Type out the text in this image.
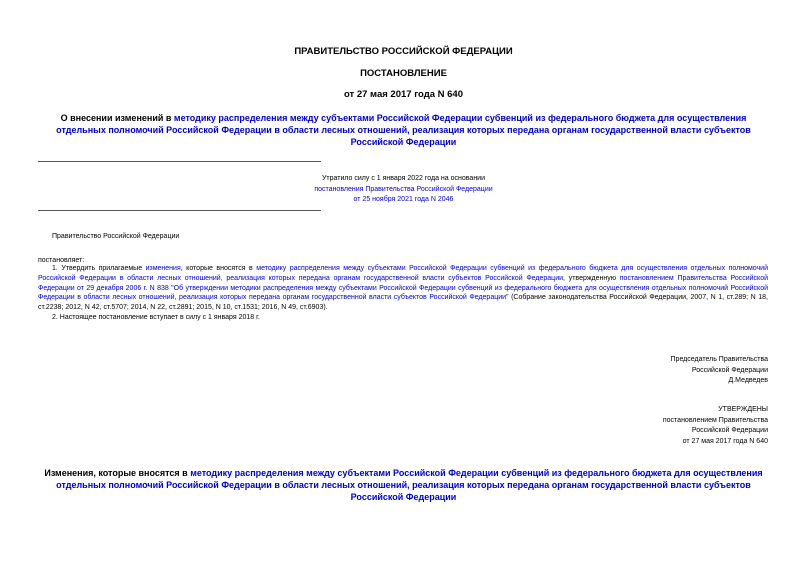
ПРАВИТЕЛЬСТВО РОССИЙСКОЙ ФЕДЕРАЦИИ
ПОСТАНОВЛЕНИЕ
от 27 мая 2017 года N 640
О внесении изменений в методику распределения между субъектами Российской Федерации субвенций из федерального бюджета для осуществления отдельных полномочий Российской Федерации в области лесных отношений, реализация которых передана органам государственной власти субъектов Российской Федерации
Утратило силу с 1 января 2022 года на основании
постановления Правительства Российской Федерации
от 25 ноября 2021 года N 2046
Правительство Российской Федерации
постановляет:
1. Утвердить прилагаемые изменения, которые вносятся в методику распределения между субъектами Российской Федерации субвенций из федерального бюджета для осуществления отдельных полномочий Российской Федерации в области лесных отношений, реализация которых передана органам государственной власти субъектов Российской Федерации, утвержденную постановлением Правительства Российской Федерации от 29 декабря 2006 г. N 838 "Об утверждении методики распределения между субъектами Российской Федерации субвенций из федерального бюджета для осуществления отдельных полномочий Российской Федерации в области лесных отношений, реализация которых передана органам государственной власти субъектов Российской Федерации" (Собрание законодательства Российской Федерации, 2007, N 1, ст.289; N 18, ст.2238; 2012, N 42, ст.5707; 2014, N 22, ст.2891; 2015, N 10, ст.1531; 2016, N 49, ст.6903).
2. Настоящее постановление вступает в силу с 1 января 2018 г.
Председатель Правительства
Российской Федерации
Д.Медведев
УТВЕРЖДЕНЫ
постановлением Правительства
Российской Федерации
от 27 мая 2017 года N 640
Изменения, которые вносятся в методику распределения между субъектами Российской Федерации субвенций из федерального бюджета для осуществления отдельных полномочий Российской Федерации в области лесных отношений, реализация которых передана органам государственной власти субъектов Российской Федерации
